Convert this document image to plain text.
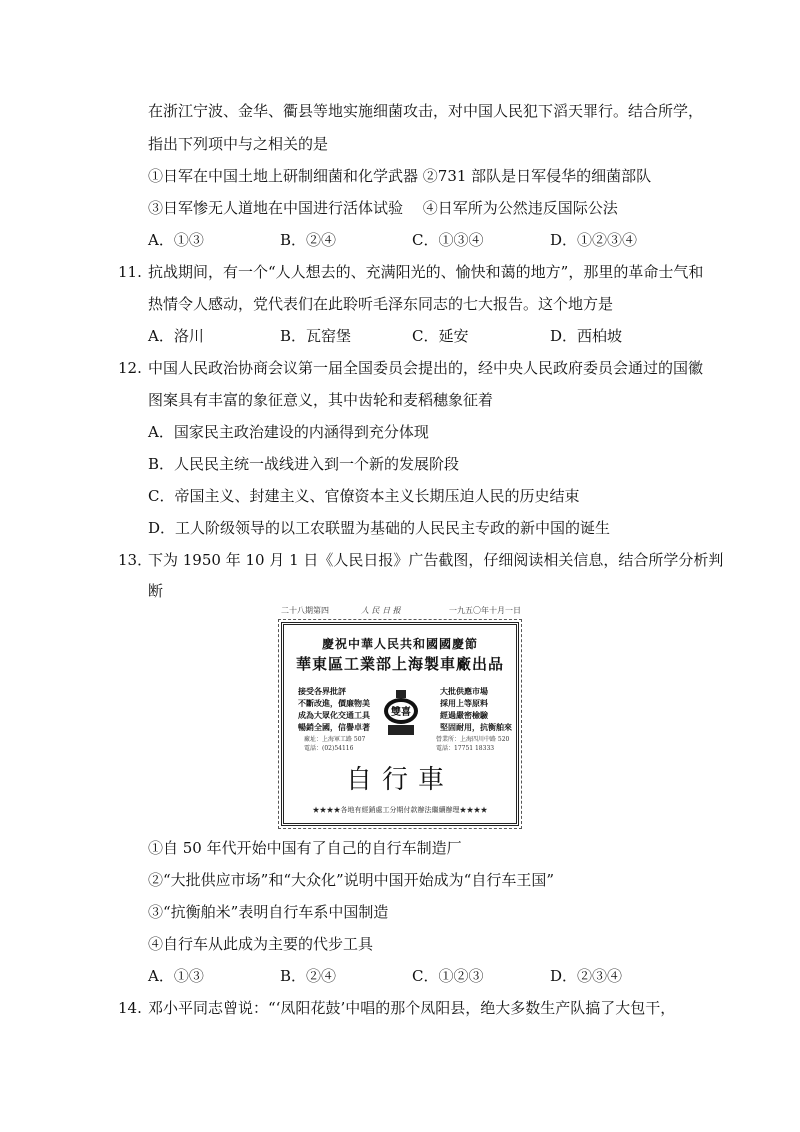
在浙江宁波、金华、衢县等地实施细菌攻击，对中国人民犯下滔天罪行。结合所学，
指出下列项中与之相关的是
①日军在中国土地上研制细菌和化学武器 ②731 部队是日军侵华的细菌部队
③日军惨无人道地在中国进行活体试验　 ④日军所为公然违反国际公法
A．①③	B．②④	C．①③④	D．①②③④
11. 抗战期间，有一个“人人想去的、充满阳光的、愉快和蔼的地方”，那里的革命士气和
热情令人感动，党代表们在此聆听毛泽东同志的七大报告。这个地方是
A．洛川	B．瓦窑堡	C．延安	D．西柏坡
12. 中国人民政治协商会议第一届全国委员会提出的，经中央人民政府委员会通过的国徽
图案具有丰富的象征意义，其中齿轮和麦稻穗象征着
A．国家民主政治建设的内涵得到充分体现
B．人民民主统一战线进入到一个新的发展阶段
C．帝国主义、封建主义、官僚资本主义长期压迫人民的历史结束
D．工人阶级领导的以工农联盟为基础的人民民主专政的新中国的诞生
13．
下为 1950 年 10 月 1 日《人民日报》广告截图，仔细阅读相关信息，结合所学分析判
断
二十八期第四	人 民 日 报	一九五〇年十月一日
慶祝中華人民共和國國慶節
華東區工業部上海製車廠出品
接受各界批評
不斷改進，價廉物美
成為大眾化交通工具
暢銷全國，信譽卓著
廠址：上海軍工路 507
電話：(02)54116
雙喜
大批供應市場
採用上等原料
經過嚴密檢驗
堅固耐用，抗衡舶來
營業所：上海四川中路 520
電話：17751 18333
自行車
★★★★各地有經銷處工分期付款辦法繼續辦理★★★★
①自 50 年代开始中国有了自己的自行车制造厂
②“大批供应市场”和“大众化”说明中国开始成为“自行车王国”
③“抗衡舶米”表明自行车系中国制造
④自行车从此成为主要的代步工具
A．①③	B．②④	C．①②③	D．②③④
14. 邓小平同志曾说：“‘凤阳花鼓’中唱的那个凤阳县，绝大多数生产队搞了大包干，
